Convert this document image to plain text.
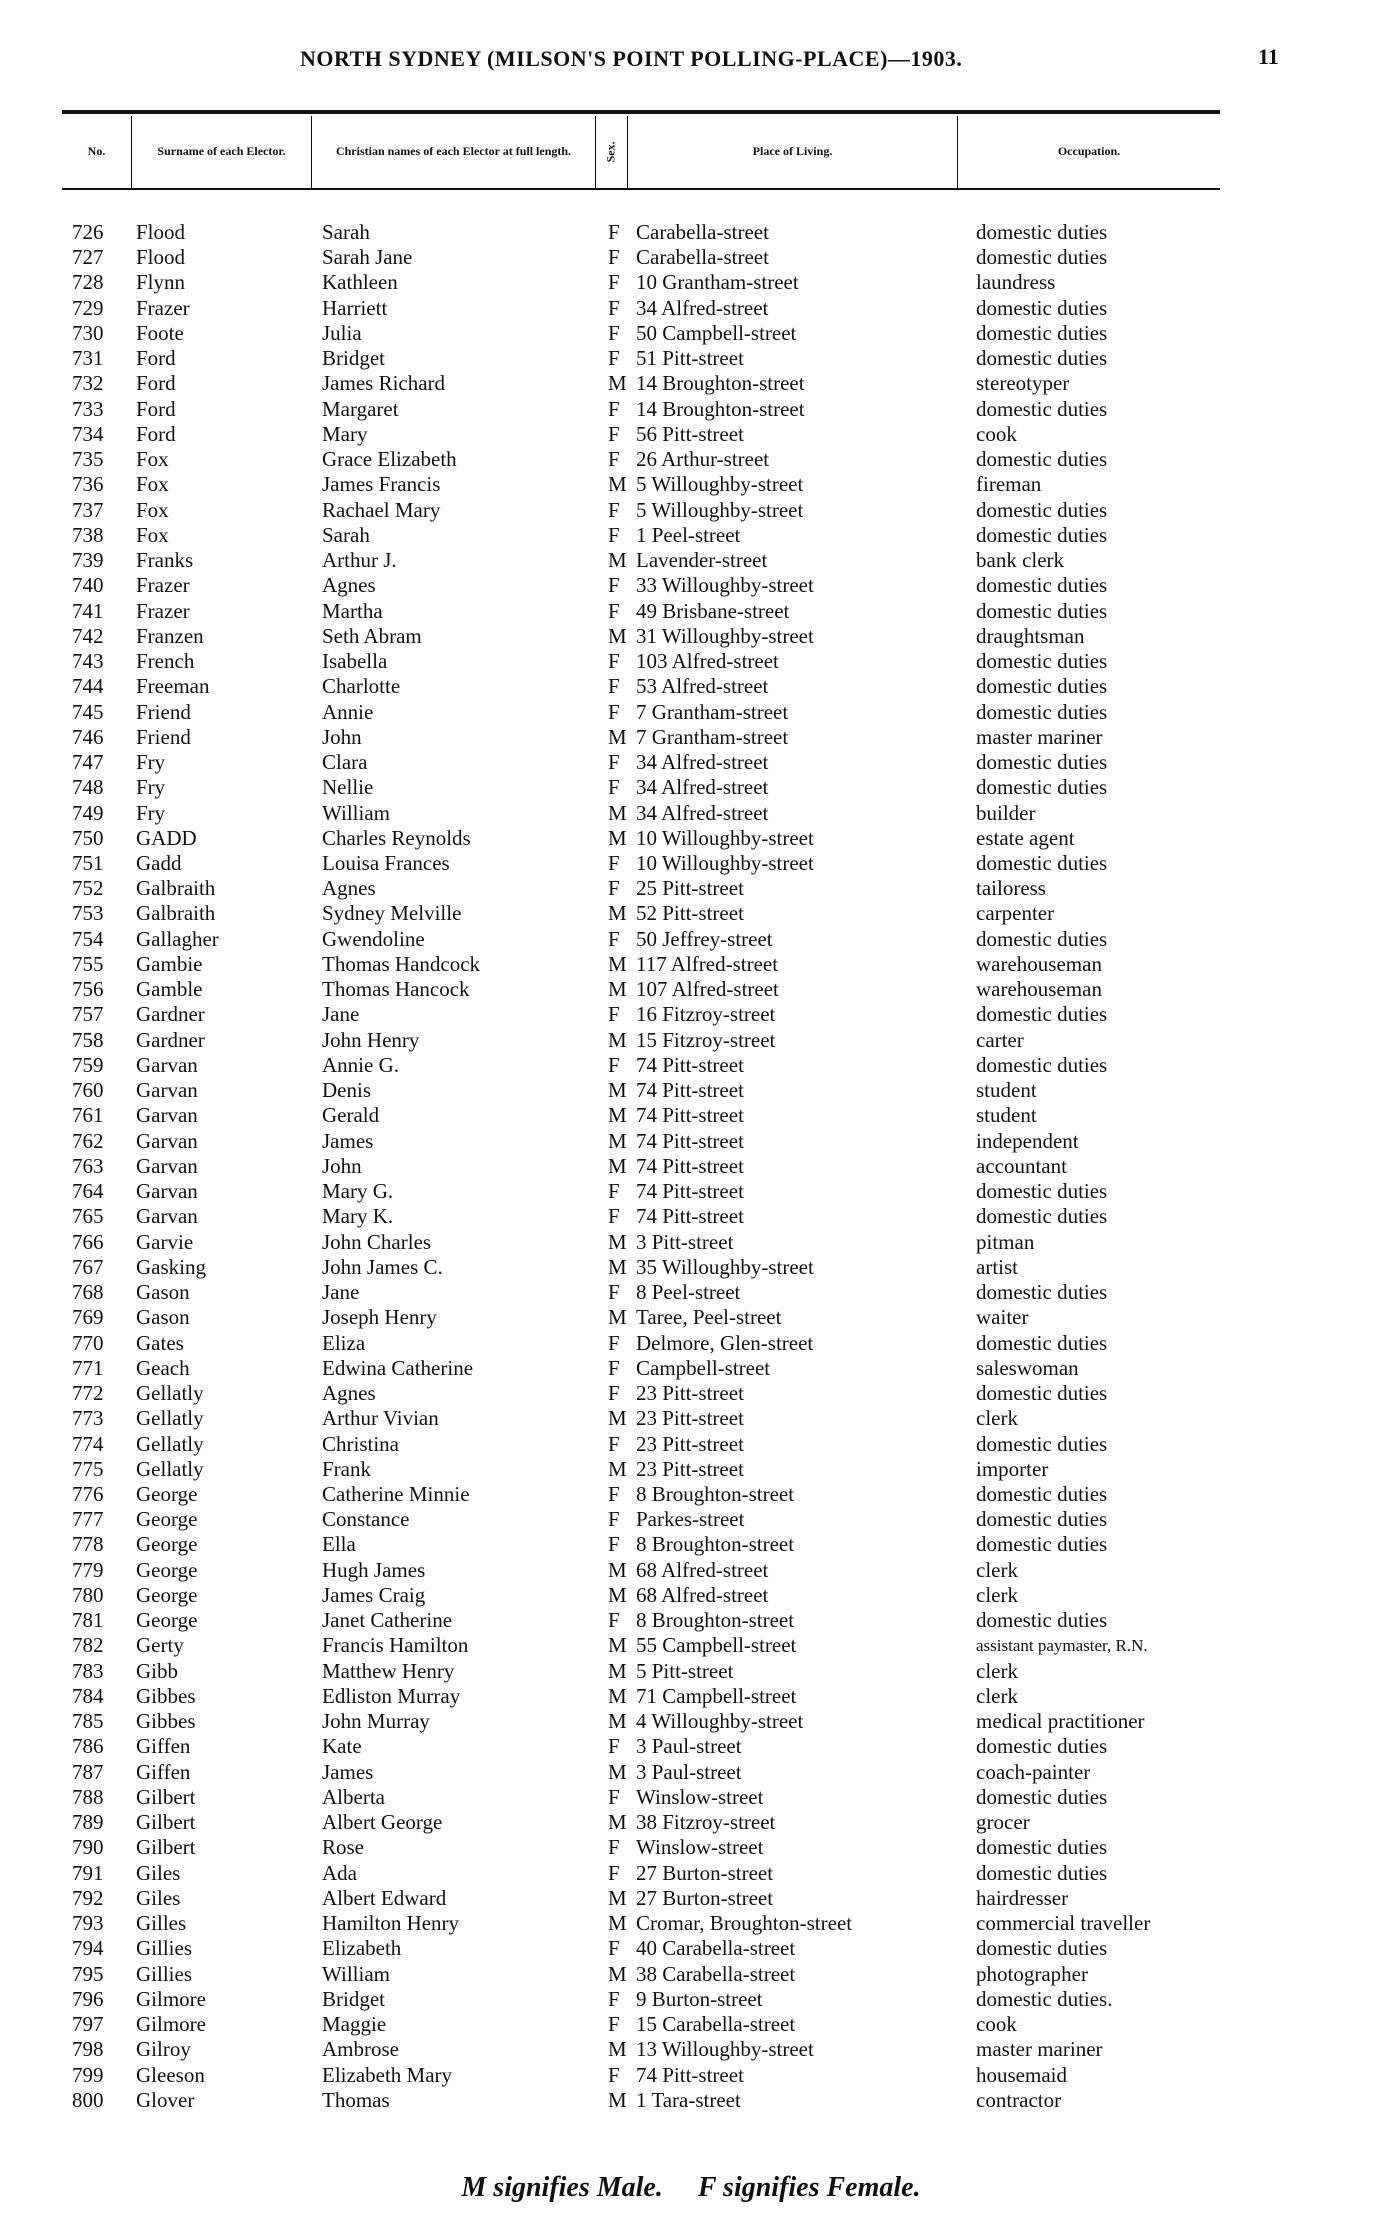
NORTH SYDNEY (MILSON'S POINT POLLING-PLACE)—1903.	11
No.	Surname of each Elector.	Christian names of each Elector at full length.	Sex.	Place of Living.	Occupation.
726 Flood	Sarah	F Carabella-street	domestic duties
727 Flood	Sarah Jane	F Carabella-street	domestic duties
728 Flynn	Kathleen	F 10 Grantham-street	laundress
729 Frazer	Harriett	F 34 Alfred-street	domestic duties
730 Foote	Julia	F 50 Campbell-street	domestic duties
731 Ford	Bridget	F 51 Pitt-street	domestic duties
732 Ford	James Richard	M 14 Broughton-street	stereotyper
733 Ford	Margaret	F 14 Broughton-street	domestic duties
734 Ford	Mary	F 56 Pitt-street	cook
735 Fox	Grace Elizabeth	F 26 Arthur-street	domestic duties
736 Fox	James Francis	M 5 Willoughby-street	fireman
737 Fox	Rachael Mary	F 5 Willoughby-street	domestic duties
738 Fox	Sarah	F 1 Peel-street	domestic duties
739 Franks	Arthur J.	M Lavender-street	bank clerk
740 Frazer	Agnes	F 33 Willoughby-street	domestic duties
741 Frazer	Martha	F 49 Brisbane-street	domestic duties
742 Franzen	Seth Abram	M 31 Willoughby-street	draughtsman
743 French	Isabella	F 103 Alfred-street	domestic duties
744 Freeman	Charlotte	F 53 Alfred-street	domestic duties
745 Friend	Annie	F 7 Grantham-street	domestic duties
746 Friend	John	M 7 Grantham-street	master mariner
747 Fry	Clara	F 34 Alfred-street	domestic duties
748 Fry	Nellie	F 34 Alfred-street	domestic duties
749 Fry	William	M 34 Alfred-street	builder
750 GADD	Charles Reynolds	M 10 Willoughby-street	estate agent
751 Gadd	Louisa Frances	F 10 Willoughby-street	domestic duties
752 Galbraith	Agnes	F 25 Pitt-street	tailoress
753 Galbraith	Sydney Melville	M 52 Pitt-street	carpenter
754 Gallagher	Gwendoline	F 50 Jeffrey-street	domestic duties
755 Gambie	Thomas Handcock	M 117 Alfred-street	warehouseman
756 Gamble	Thomas Hancock	M 107 Alfred-street	warehouseman
757 Gardner	Jane	F 16 Fitzroy-street	domestic duties
758 Gardner	John Henry	M 15 Fitzroy-street	carter
759 Garvan	Annie G.	F 74 Pitt-street	domestic duties
760 Garvan	Denis	M 74 Pitt-street	student
761 Garvan	Gerald	M 74 Pitt-street	student
762 Garvan	James	M 74 Pitt-street	independent
763 Garvan	John	M 74 Pitt-street	accountant
764 Garvan	Mary G.	F 74 Pitt-street	domestic duties
765 Garvan	Mary K.	F 74 Pitt-street	domestic duties
766 Garvie	John Charles	M 3 Pitt-street	pitman
767 Gasking	John James C.	M 35 Willoughby-street	artist
768 Gason	Jane	F 8 Peel-street	domestic duties
769 Gason	Joseph Henry	M Taree, Peel-street	waiter
770 Gates	Eliza	F Delmore, Glen-street	domestic duties
771 Geach	Edwina Catherine	F Campbell-street	saleswoman
772 Gellatly	Agnes	F 23 Pitt-street	domestic duties
773 Gellatly	Arthur Vivian	M 23 Pitt-street	clerk
774 Gellatly	Christina	F 23 Pitt-street	domestic duties
775 Gellatly	Frank	M 23 Pitt-street	importer
776 George	Catherine Minnie	F 8 Broughton-street	domestic duties
777 George	Constance	F Parkes-street	domestic duties
778 George	Ella	F 8 Broughton-street	domestic duties
779 George	Hugh James	M 68 Alfred-street	clerk
780 George	James Craig	M 68 Alfred-street	clerk
781 George	Janet Catherine	F 8 Broughton-street	domestic duties
782 Gerty	Francis Hamilton	M 55 Campbell-street	assistant paymaster, R.N.
783 Gibb	Matthew Henry	M 5 Pitt-street	clerk
784 Gibbes	Edliston Murray	M 71 Campbell-street	clerk
785 Gibbes	John Murray	M 4 Willoughby-street	medical practitioner
786 Giffen	Kate	F 3 Paul-street	domestic duties
787 Giffen	James	M 3 Paul-street	coach-painter
788 Gilbert	Alberta	F Winslow-street	domestic duties
789 Gilbert	Albert George	M 38 Fitzroy-street	grocer
790 Gilbert	Rose	F Winslow-street	domestic duties
791 Giles	Ada	F 27 Burton-street	domestic duties
792 Giles	Albert Edward	M 27 Burton-street	hairdresser
793 Gilles	Hamilton Henry	M Cromar, Broughton-street	commercial traveller
794 Gillies	Elizabeth	F 40 Carabella-street	domestic duties
795 Gillies	William	M 38 Carabella-street	photographer
796 Gilmore	Bridget	F 9 Burton-street	domestic duties.
797 Gilmore	Maggie	F 15 Carabella-street	cook
798 Gilroy	Ambrose	M 13 Willoughby-street	master mariner
799 Gleeson	Elizabeth Mary	F 74 Pitt-street	housemaid
800 Glover	Thomas	M 1 Tara-street	contractor
M signifies Male. F signifies Female.
